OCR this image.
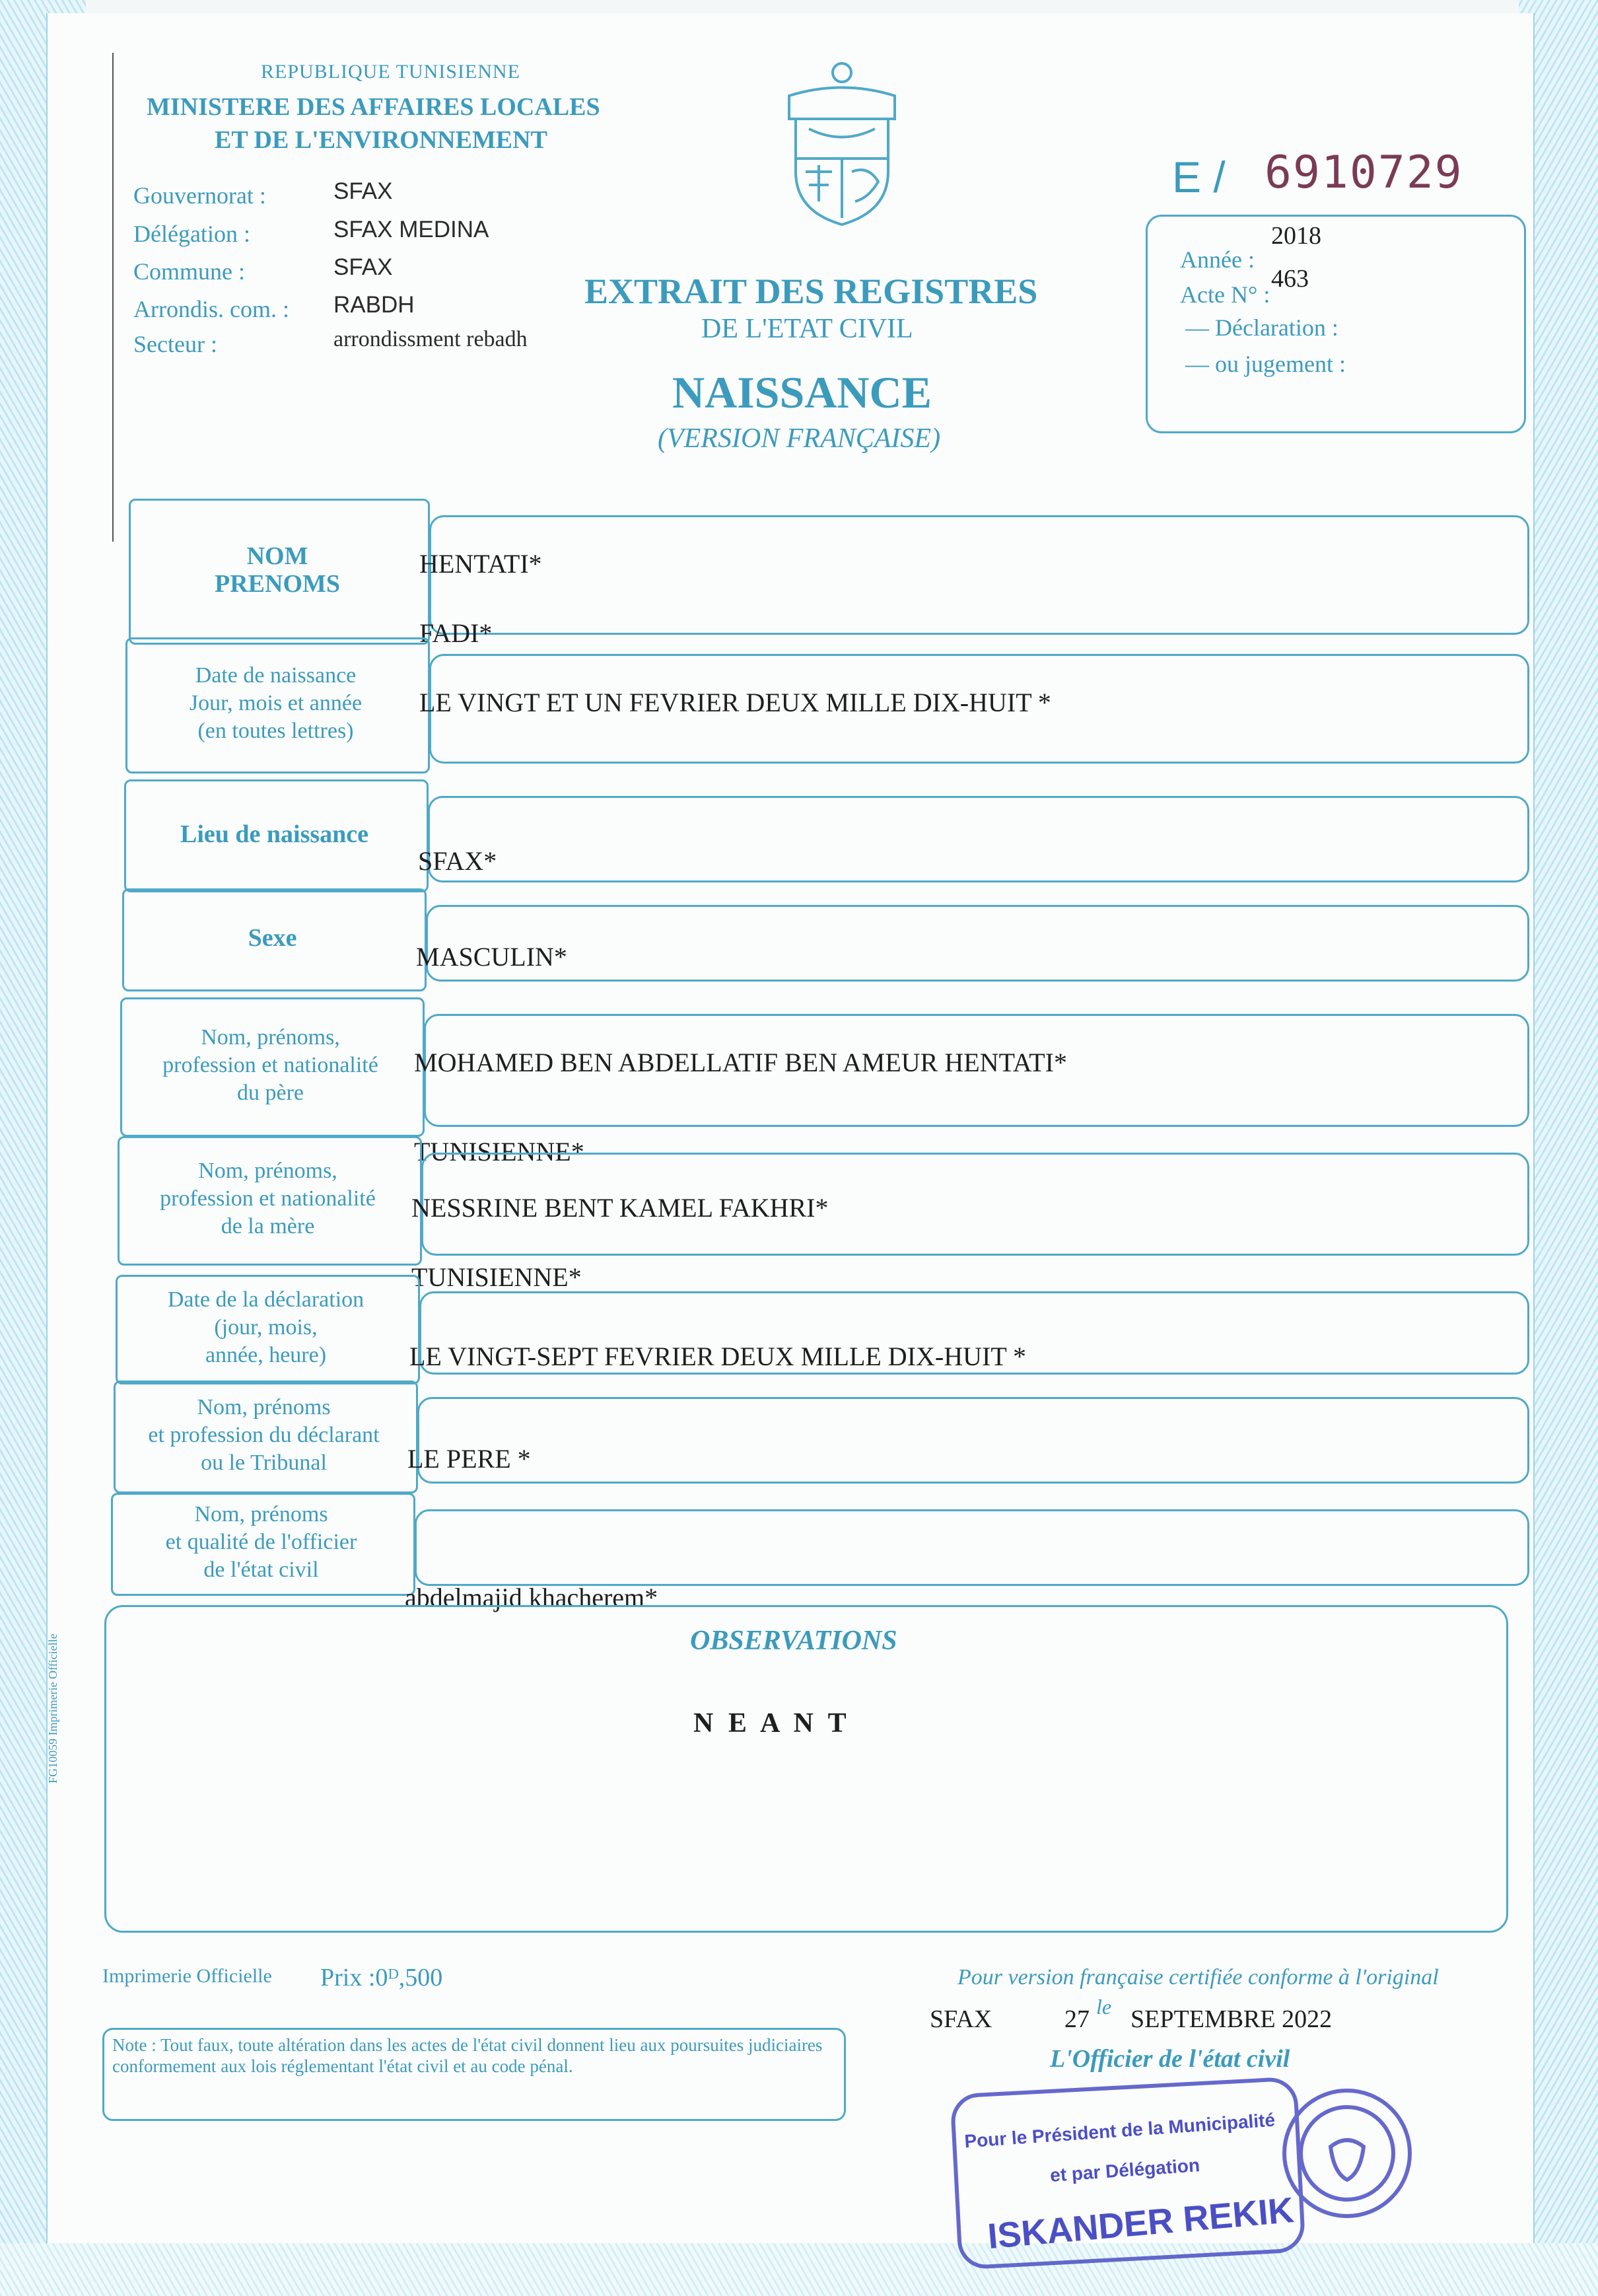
REPUBLIQUE TUNISIENNE
MINISTERE DES AFFAIRES LOCALES
ET DE L'ENVIRONNEMENT
Gouvernorat :	SFAX
Délégation :	SFAX MEDINA
Commune :	SFAX
Arrondis. com. : RABDH
Secteur :	arrondissment rebadh
EXTRAIT DES REGISTRES
DE L'ETAT CIVIL
NAISSANCE
(VERSION FRANÇAISE)
E / 6910729
Année :
2018
Acte N° :
463
— Déclaration :
— ou jugement :
NOM
PRENOMS
HENTATI*
FADI*
Date de naissance
Jour, mois et année
(en toutes lettres)
LE VINGT ET UN FEVRIER DEUX MILLE DIX-HUIT *
Lieu de naissance
SFAX*
Sexe
MASCULIN*
Nom, prénoms,
profession et nationalité
du père
MOHAMED BEN ABDELLATIF BEN AMEUR HENTATI*
TUNISIENNE*
Nom, prénoms,
profession et nationalité
de la mère
NESSRINE BENT KAMEL FAKHRI*
TUNISIENNE*
Date de la déclaration
(jour, mois,
année, heure)	LE VINGT-SEPT FEVRIER DEUX MILLE DIX-HUIT *
Nom, prénoms
et profession du déclarant
ou le Tribunal	LE PERE *
Nom, prénoms
et qualité de l'officier
de l'état civil
abdelmajid khacherem*
OBSERVATIONS
N E A N T
FG10059 Imprimerie Officielle
Imprimerie Officielle Prix :0ᴰ,500	Pour version française certifiée conforme à l'original
SFAX	27 le SEPTEMBRE 2022
L'Officier de l'état civil
Note : Tout faux, toute altération dans les actes de l'état civil donnent lieu aux poursuites judiciaires conformement aux lois réglementant l'état civil et au code pénal.
Pour le Président de la Municipalité
et par Délégation
ISKANDER REKIK
